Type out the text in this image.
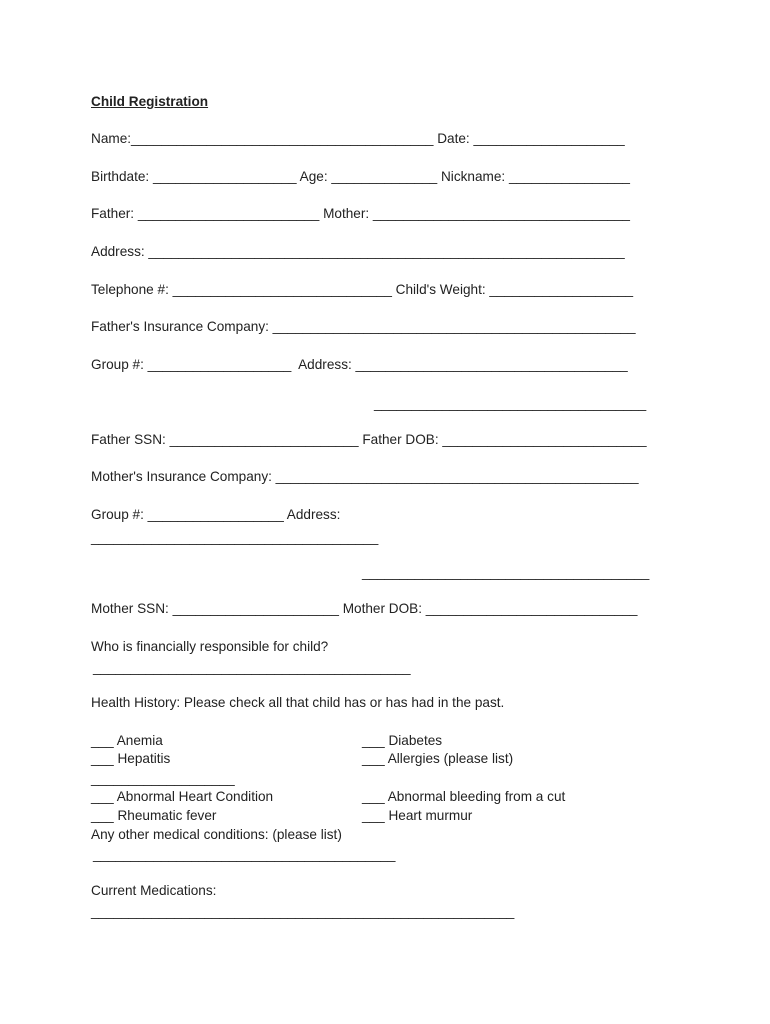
Child Registration
Name:________________________________________ Date: ____________________
Birthdate: ___________________ Age: ______________ Nickname: ________________
Father: ________________________ Mother: __________________________________
Address: _______________________________________________________________
Telephone #: _____________________________ Child's Weight: ___________________
Father's Insurance Company: ________________________________________________
Group #: ___________________  Address: ____________________________________
____________________________________
Father SSN: _________________________ Father DOB: ___________________________
Mother's Insurance Company: ________________________________________________
Group #: __________________ Address:
______________________________________
______________________________________
Mother SSN: ______________________ Mother DOB: ____________________________
Who is financially responsible for child?
__________________________________________
Health History: Please check all that child has or has had in the past.
___ Anemia	___ Diabetes
___ Hepatitis	___ Allergies (please list)
___________________
___ Abnormal Heart Condition	___ Abnormal bleeding from a cut
___ Rheumatic fever	___ Heart murmur
Any other medical conditions: (please list)
________________________________________
Current Medications:
________________________________________________________
